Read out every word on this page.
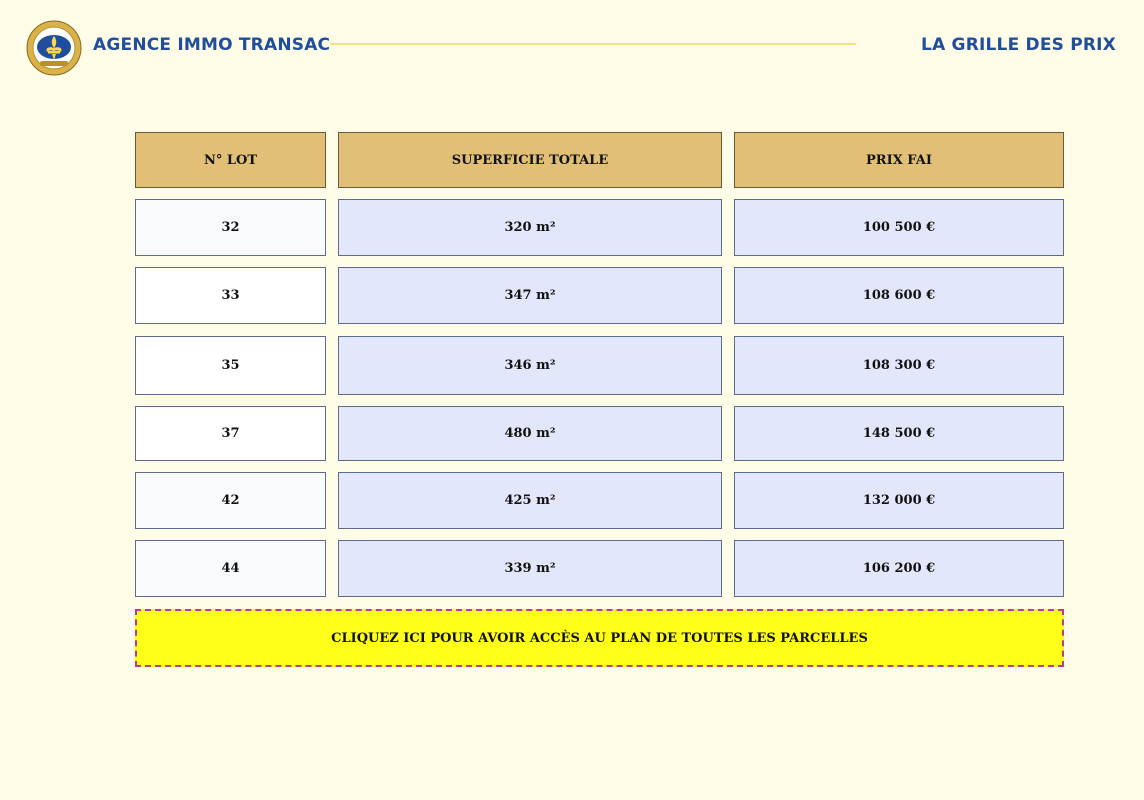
AGENCE IMMO TRANSAC	LA GRILLE DES PRIX
N° LOT	SUPERFICIE TOTALE	PRIX FAI
32	320 m²	100 500 €
33	347 m²	108 600 €
35	346 m²	108 300 €
37	480 m²	148 500 €
42	425 m²	132 000 €
44	339 m²	106 200 €
CLIQUEZ ICI POUR AVOIR ACCÈS AU PLAN DE TOUTES LES PARCELLES
